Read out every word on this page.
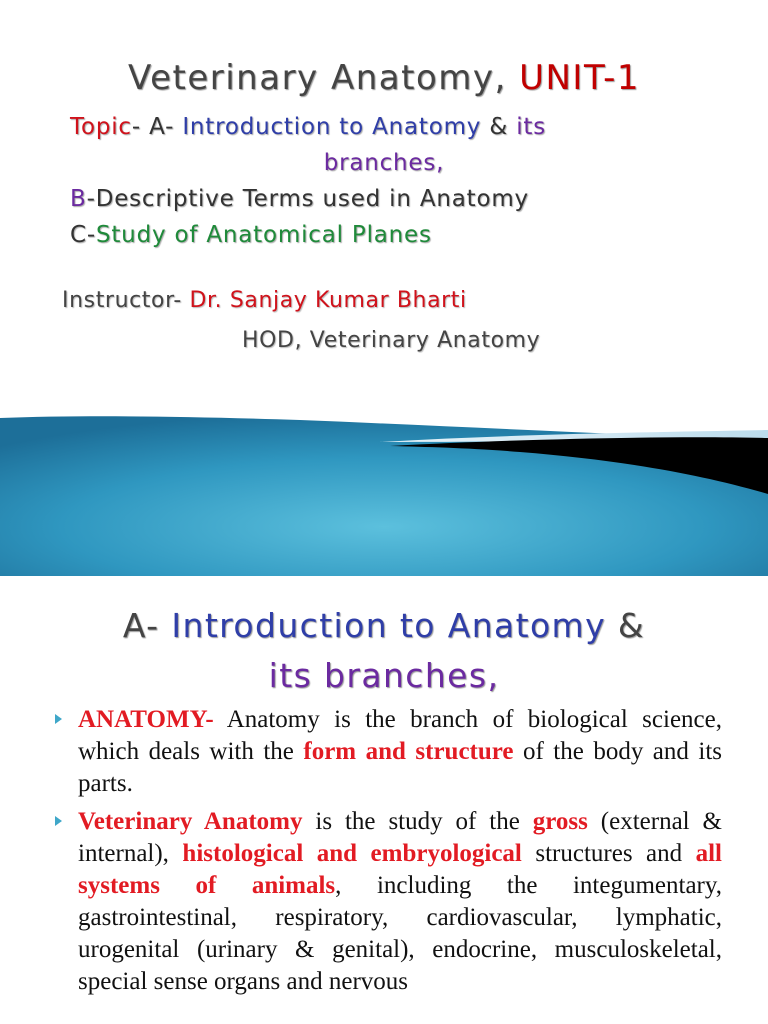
Veterinary Anatomy, UNIT-1
Topic- A- Introduction to Anatomy & its
branches,
B-Descriptive Terms used in Anatomy
C-Study of Anatomical Planes
Instructor- Dr. Sanjay Kumar Bharti
HOD, Veterinary Anatomy
A- Introduction to Anatomy &
its branches,
ANATOMY- Anatomy is the branch of biological science, which deals with the form and structure of the body and its parts.
Veterinary Anatomy is the study of the gross (external & internal), histological and embryological structures and all systems of animals, including the integumentary, gastrointestinal, respiratory, cardiovascular, lymphatic, urogenital (urinary & genital), endocrine, musculoskeletal, special sense organs and nervous
